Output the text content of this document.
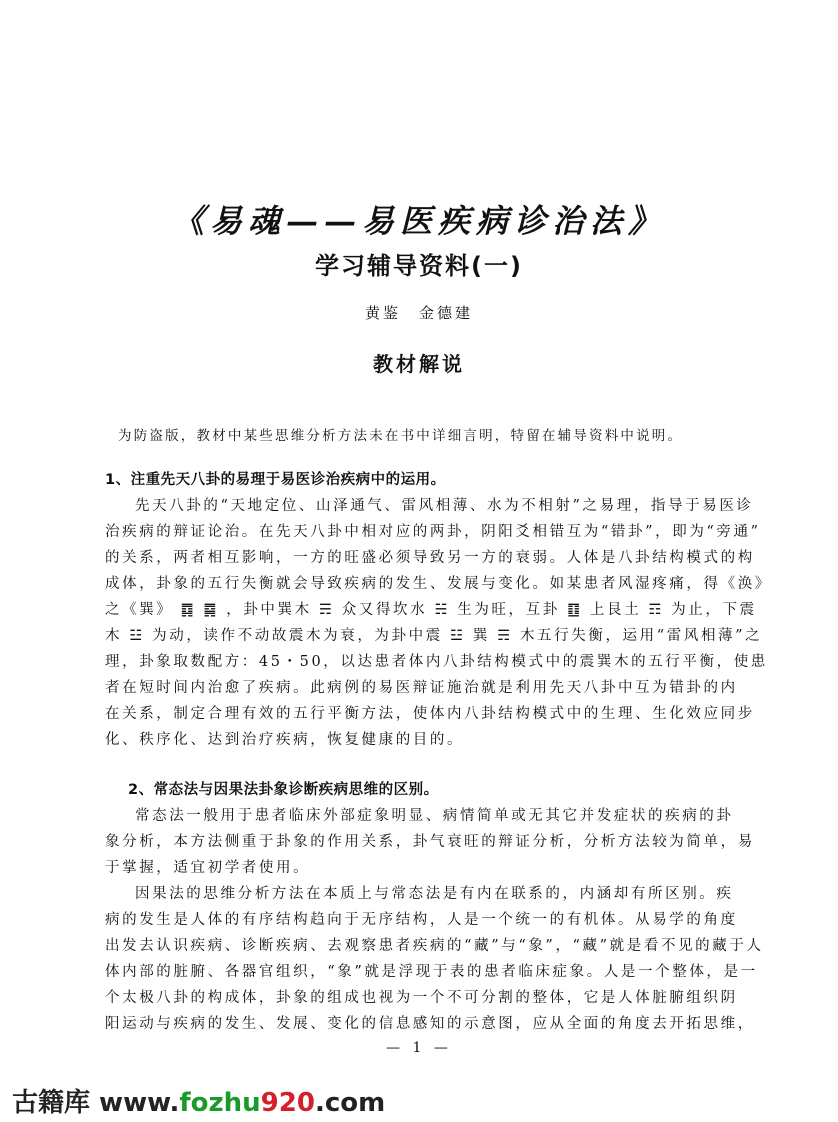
《易魂——易医疾病诊治法》
学习辅导资料(一)
黄鉴　金德建
教材解说
为防盗版，教材中某些思维分析方法未在书中详细言明，特留在辅导资料中说明。
1、注重先天八卦的易理于易医诊治疾病中的运用。
先天八卦的“天地定位、山泽通气、雷风相薄、水为不相射”之易理，指导于易医诊
治疾病的辩证论治。在先天八卦中相对应的两卦，阴阳爻相错互为“错卦”，即为“旁通”
的关系，两者相互影响，一方的旺盛必须导致另一方的衰弱。人体是八卦结构模式的构
成体，卦象的五行失衡就会导致疾病的发生、发展与变化。如某患者风湿疼痛，得《涣》
之《巽》 ䷺ ䷸ ，卦中巽木 ☴ 众又得坎水 ☵ 生为旺，互卦 ䷚ 上艮土 ☶ 为止，下震
木 ☳ 为动，读作不动故震木为衰，为卦中震 ☳ 巽 ☴ 木五行失衡，运用“雷风相薄”之
理，卦象取数配方：45・50，以达患者体内八卦结构模式中的震巽木的五行平衡，使患
者在短时间内治愈了疾病。此病例的易医辩证施治就是利用先天八卦中互为错卦的内
在关系，制定合理有效的五行平衡方法，使体内八卦结构模式中的生理、生化效应同步
化、秩序化、达到治疗疾病，恢复健康的目的。
2、常态法与因果法卦象诊断疾病思维的区别。
常态法一般用于患者临床外部症象明显、病情简单或无其它并发症状的疾病的卦
象分析，本方法侧重于卦象的作用关系，卦气衰旺的辩证分析，分析方法较为简单，易
于掌握，适宜初学者使用。
因果法的思维分析方法在本质上与常态法是有内在联系的，内涵却有所区别。疾
病的发生是人体的有序结构趋向于无序结构，人是一个统一的有机体。从易学的角度
出发去认识疾病、诊断疾病、去观察患者疾病的“藏”与“象”，“藏”就是看不见的藏于人
体内部的脏腑、各器官组织，“象”就是浮现于表的患者临床症象。人是一个整体，是一
个太极八卦的构成体，卦象的组成也视为一个不可分割的整体，它是人体脏腑组织阴
阳运动与疾病的发生、发展、变化的信息感知的示意图，应从全面的角度去开拓思维，
— 1 —
古籍库 www.fozhu920.com
